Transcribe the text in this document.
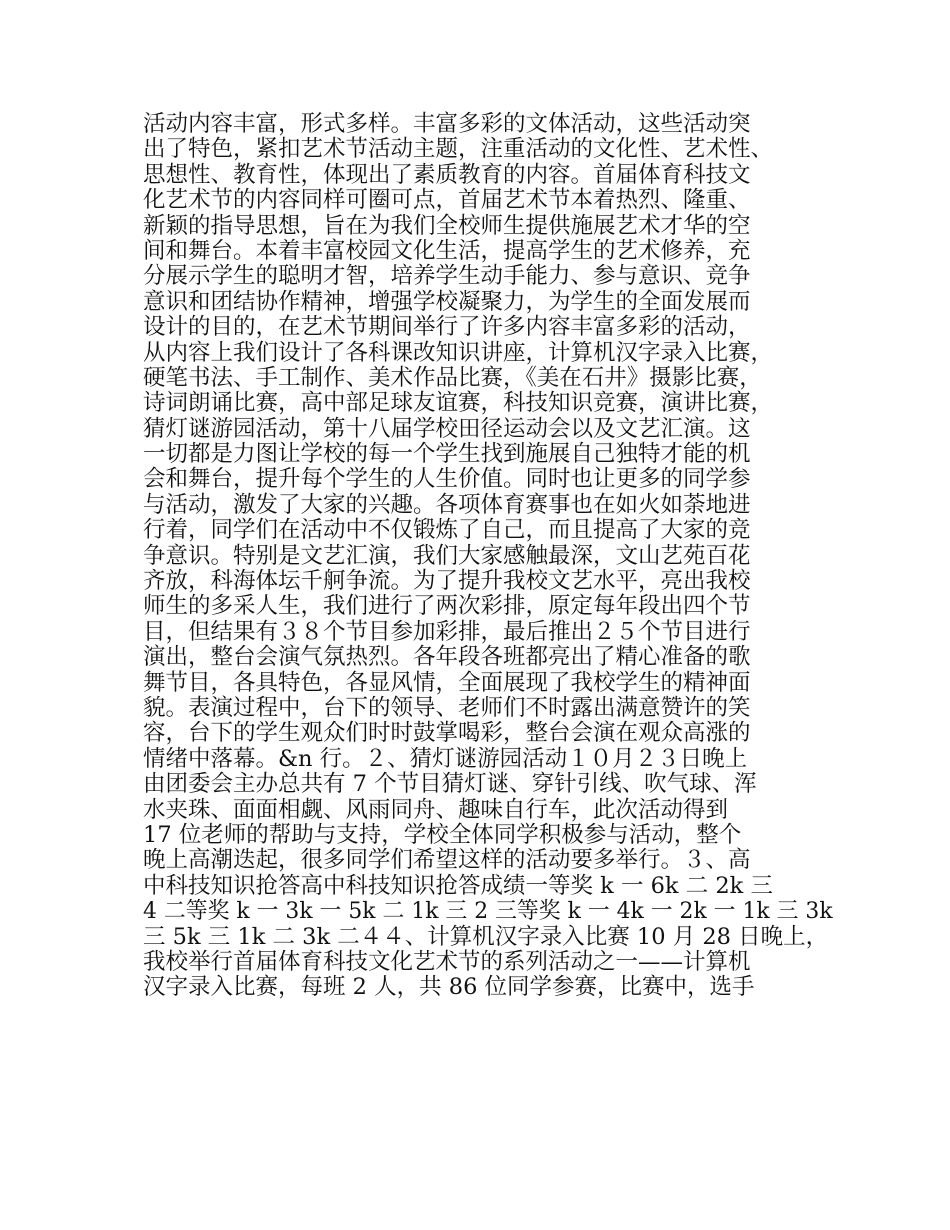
活动内容丰富，形式多样。丰富多彩的文体活动，这些活动突
出了特色，紧扣艺术节活动主题，注重活动的文化性、艺术性、
思想性、教育性，体现出了素质教育的内容。首届体育科技文
化艺术节的内容同样可圈可点，首届艺术节本着热烈、隆重、
新颖的指导思想，旨在为我们全校师生提供施展艺术才华的空
间和舞台。本着丰富校园文化生活，提高学生的艺术修养，充
分展示学生的聪明才智，培养学生动手能力、参与意识、竞争
意识和团结协作精神，增强学校凝聚力，为学生的全面发展而
设计的目的，在艺术节期间举行了许多内容丰富多彩的活动，
从内容上我们设计了各科课改知识讲座，计算机汉字录入比赛，
硬笔书法、手工制作、美术作品比赛，《美在石井》摄影比赛，
诗词朗诵比赛，高中部足球友谊赛，科技知识竞赛，演讲比赛，
猜灯谜游园活动，第十八届学校田径运动会以及文艺汇演。这
一切都是力图让学校的每一个学生找到施展自己独特才能的机
会和舞台，提升每个学生的人生价值。同时也让更多的同学参
与活动，激发了大家的兴趣。各项体育赛事也在如火如荼地进
行着，同学们在活动中不仅锻炼了自己，而且提高了大家的竞
争意识。特别是文艺汇演，我们大家感触最深，文山艺苑百花
齐放，科海体坛千舸争流。为了提升我校文艺水平，亮出我校
师生的多采人生，我们进行了两次彩排，原定每年段出四个节
目，但结果有３８个节目参加彩排，最后推出２５个节目进行
演出，整台会演气氛热烈。各年段各班都亮出了精心准备的歌
舞节目，各具特色，各显风情，全面展现了我校学生的精神面
貌。表演过程中，台下的领导、老师们不时露出满意赞许的笑
容，台下的学生观众们时时鼓掌喝彩，整台会演在观众高涨的
情绪中落幕。&n 行。２、猜灯谜游园活动１０月２３日晚上
由团委会主办总共有 7 个节目猜灯谜、穿针引线、吹气球、浑
水夹珠、面面相觑、风雨同舟、趣味自行车，此次活动得到
17 位老师的帮助与支持，学校全体同学积极参与活动，整个
晚上高潮迭起，很多同学们希望这样的活动要多举行。３、高
中科技知识抢答高中科技知识抢答成绩一等奖 k 一 6k 二 2k 三
4 二等奖 k 一 3k 一 5k 二 1k 三 2 三等奖 k 一 4k 一 2k 一 1k 三 3k
三 5k 三 1k 二 3k 二４４、计算机汉字录入比赛 10 月 28 日晚上，
我校举行首届体育科技文化艺术节的系列活动之一——计算机
汉字录入比赛，每班 2 人，共 86 位同学参赛，比赛中，选手
